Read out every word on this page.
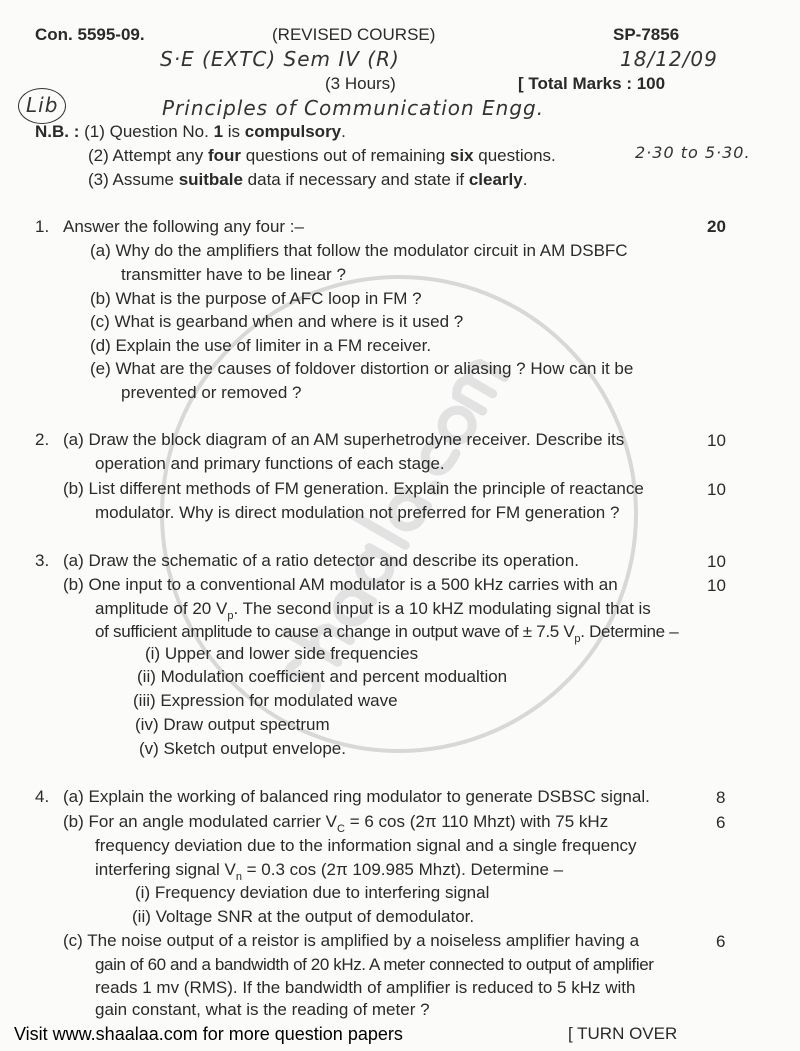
Con. 5595-09.	(REVISED COURSE)	SP-7856
S·E (EXTC) Sem IV (R)	18/12/09
(3 Hours)	[ Total Marks : 100
Lib	Principles of Communication Engg.
N.B. : (1) Question No. 1 is compulsory.
(2) Attempt any four questions out of remaining six questions.	2·30 to 5·30.
(3) Assume suitbale data if necessary and state if clearly.
1. Answer the following any four :–	20
(a) Why do the amplifiers that follow the modulator circuit in AM DSBFC
transmitter have to be linear ?
(b) What is the purpose of AFC loop in FM ?
(c) What is gearband when and where is it used ?
(d) Explain the use of limiter in a FM receiver.
(e) What are the causes of foldover distortion or aliasing ? How can it be
prevented or removed ?
2. (a) Draw the block diagram of an AM superhetrodyne receiver. Describe its	10
operation and primary functions of each stage.
(b) List different methods of FM generation. Explain the principle of reactance	10
modulator. Why is direct modulation not preferred for FM generation ?
3. (a) Draw the schematic of a ratio detector and describe its operation.	10
(b) One input to a conventional AM modulator is a 500 kHz carries with an	10
amplitude of 20 $V_p$. The second input is a 10 kHZ modulating signal that is
of sufficient amplitude to cause a change in output wave of ± 7.5 $V_p$. Determine –
(i) Upper and lower side frequencies
(ii) Modulation coefficient and percent modualtion
(iii) Expression for modulated wave
(iv) Draw output spectrum
(v) Sketch output envelope.
4. (a) Explain the working of balanced ring modulator to generate DSBSC signal.	8
(b) For an angle modulated carrier $V_C = 6$ cos (2π 110 Mhzt) with 75 kHz	6
frequency deviation due to the information signal and a single frequency
interfering signal $V_n = 0.3$ cos (2π 109.985 Mhzt). Determine –
(i) Frequency deviation due to interfering signal
(ii) Voltage SNR at the output of demodulator.
(c) The noise output of a reistor is amplified by a noiseless amplifier having a	6
gain of 60 and a bandwidth of 20 kHz. A meter connected to output of amplifier
reads 1 mv (RMS). If the bandwidth of amplifier is reduced to 5 kHz with
gain constant, what is the reading of meter ?
Visit www.shaalaa.com for more question papers	[ TURN OVER
